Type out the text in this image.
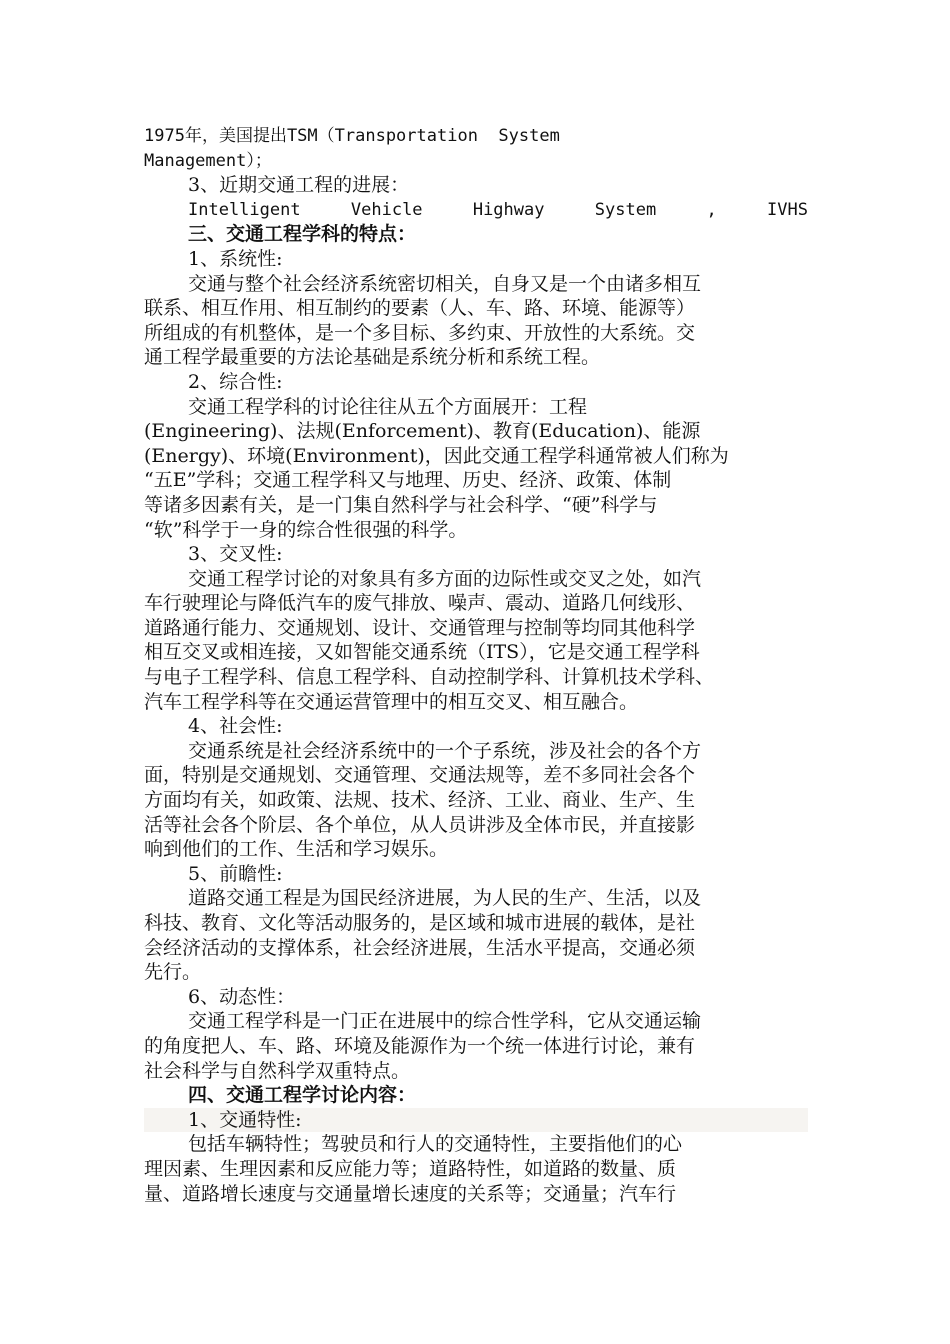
1975年，美国提出TSM（Transportation  System
Management）；
3、近期交通工程的进展：
Intelligent  Vehicle  Highway  System  ,  IVHS
三、交通工程学科的特点：
1、系统性:
交通与整个社会经济系统密切相关，自身又是一个由诸多相互
联系、相互作用、相互制约的要素（人、车、路、环境、能源等）
所组成的有机整体，是一个多目标、多约束、开放性的大系统。交
通工程学最重要的方法论基础是系统分析和系统工程。
2、综合性:
交通工程学科的讨论往往从五个方面展开：工程
(Engineering)、法规(Enforcement)、教育(Education)、能源
(Energy)、环境(Environment)，因此交通工程学科通常被人们称为
“五E”学科；交通工程学科又与地理、历史、经济、政策、体制
等诸多因素有关，是一门集自然科学与社会科学、“硬”科学与
“软”科学于一身的综合性很强的科学。
3、交叉性:
交通工程学讨论的对象具有多方面的边际性或交叉之处，如汽
车行驶理论与降低汽车的废气排放、噪声、震动、道路几何线形、
道路通行能力、交通规划、设计、交通管理与控制等均同其他科学
相互交叉或相连接，又如智能交通系统（ITS），它是交通工程学科
与电子工程学科、信息工程学科、自动控制学科、计算机技术学科、
汽车工程学科等在交通运营管理中的相互交叉、相互融合。
4、社会性:
交通系统是社会经济系统中的一个子系统，涉及社会的各个方
面，特别是交通规划、交通管理、交通法规等，差不多同社会各个
方面均有关，如政策、法规、技术、经济、工业、商业、生产、生
活等社会各个阶层、各个单位，从人员讲涉及全体市民，并直接影
响到他们的工作、生活和学习娱乐。
5、前瞻性:
道路交通工程是为国民经济进展，为人民的生产、生活，以及
科技、教育、文化等活动服务的，是区域和城市进展的载体，是社
会经济活动的支撑体系，社会经济进展，生活水平提高，交通必须
先行。
6、动态性：
交通工程学科是一门正在进展中的综合性学科，它从交通运输
的角度把人、车、路、环境及能源作为一个统一体进行讨论，兼有
社会科学与自然科学双重特点。
四、交通工程学讨论内容：
1、交通特性:
包括车辆特性；驾驶员和行人的交通特性，主要指他们的心
理因素、生理因素和反应能力等；道路特性，如道路的数量、质
量、道路增长速度与交通量增长速度的关系等；交通量；汽车行
